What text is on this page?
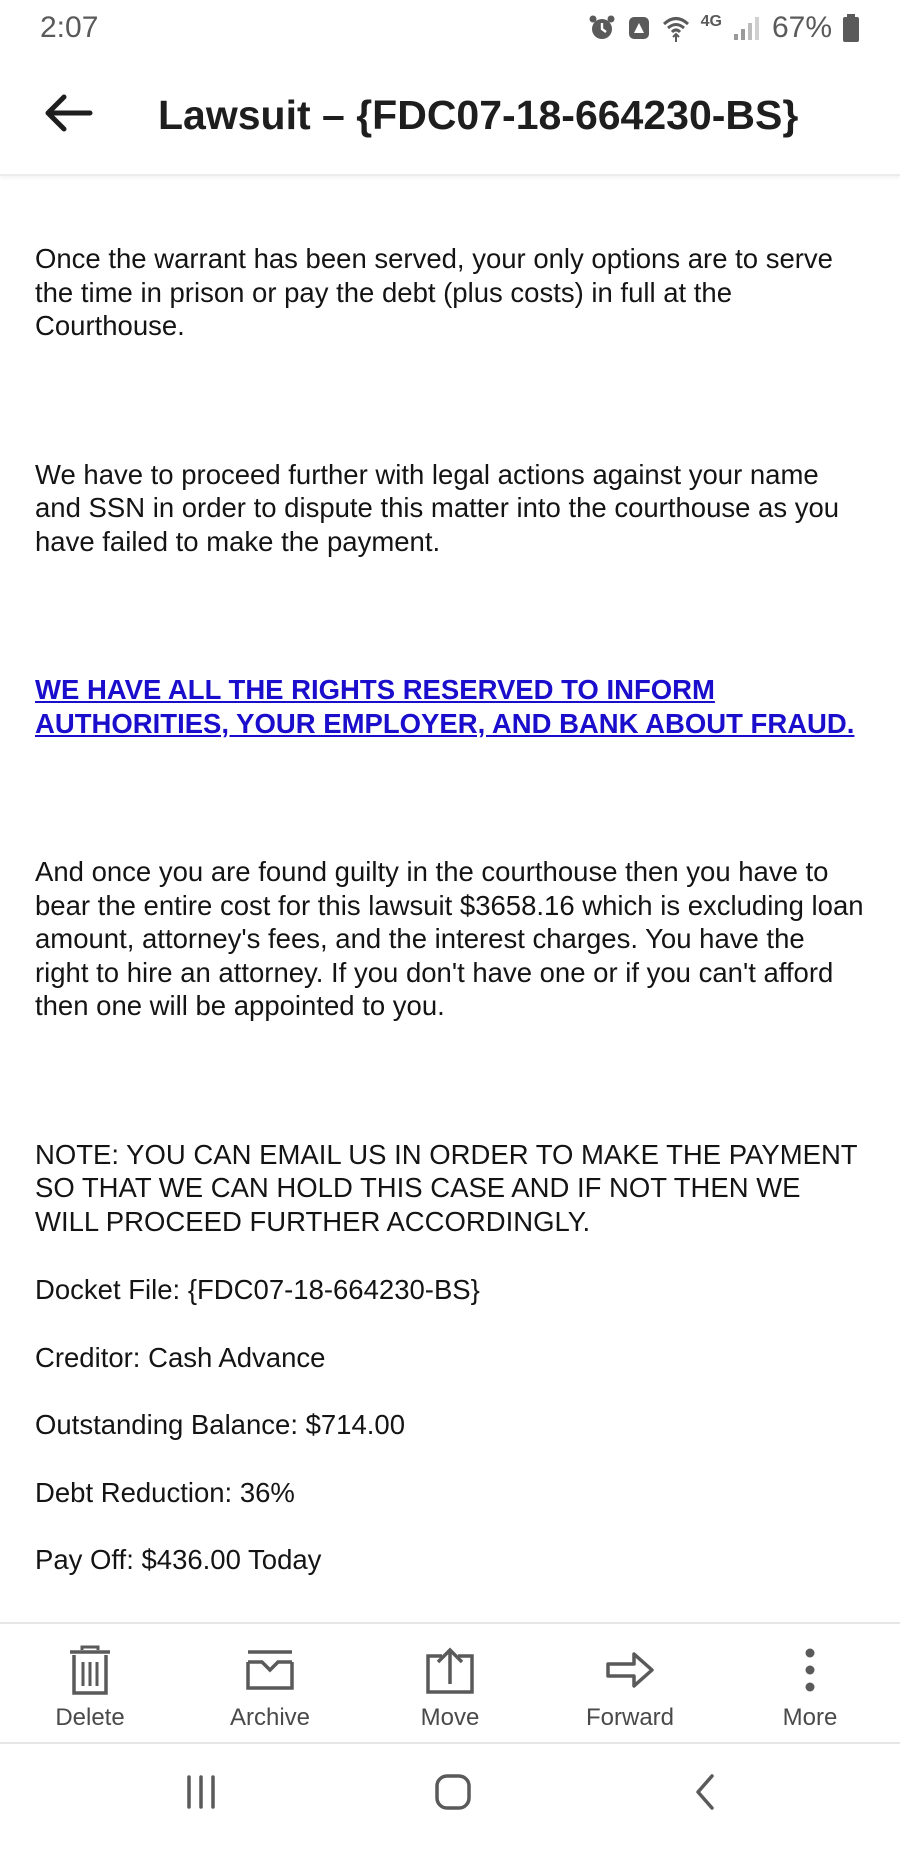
2:07	4G 67%
Lawsuit – {FDC07-18-664230-BS}

Once the warrant has been served, your only options are to serve the time in prison or pay the debt (plus costs) in full at the Courthouse.

We have to proceed further with legal actions against your name and SSN in order to dispute this matter into the courthouse as you have failed to make the payment.

WE HAVE ALL THE RIGHTS RESERVED TO INFORM AUTHORITIES, YOUR EMPLOYER, AND BANK ABOUT FRAUD.

And once you are found guilty in the courthouse then you have to bear the entire cost for this lawsuit $3658.16 which is excluding loan amount, attorney's fees, and the interest charges. You have the right to hire an attorney. If you don't have one or if you can't afford then one will be appointed to you.

NOTE: YOU CAN EMAIL US IN ORDER TO MAKE THE PAYMENT SO THAT WE CAN HOLD THIS CASE AND IF NOT THEN WE WILL PROCEED FURTHER ACCORDINGLY.

Docket File: {FDC07-18-664230-BS}

Creditor: Cash Advance

Outstanding Balance: $714.00

Debt Reduction: 36%

Pay Off: $436.00 Today

Delete	Archive	Move	Forward	More
